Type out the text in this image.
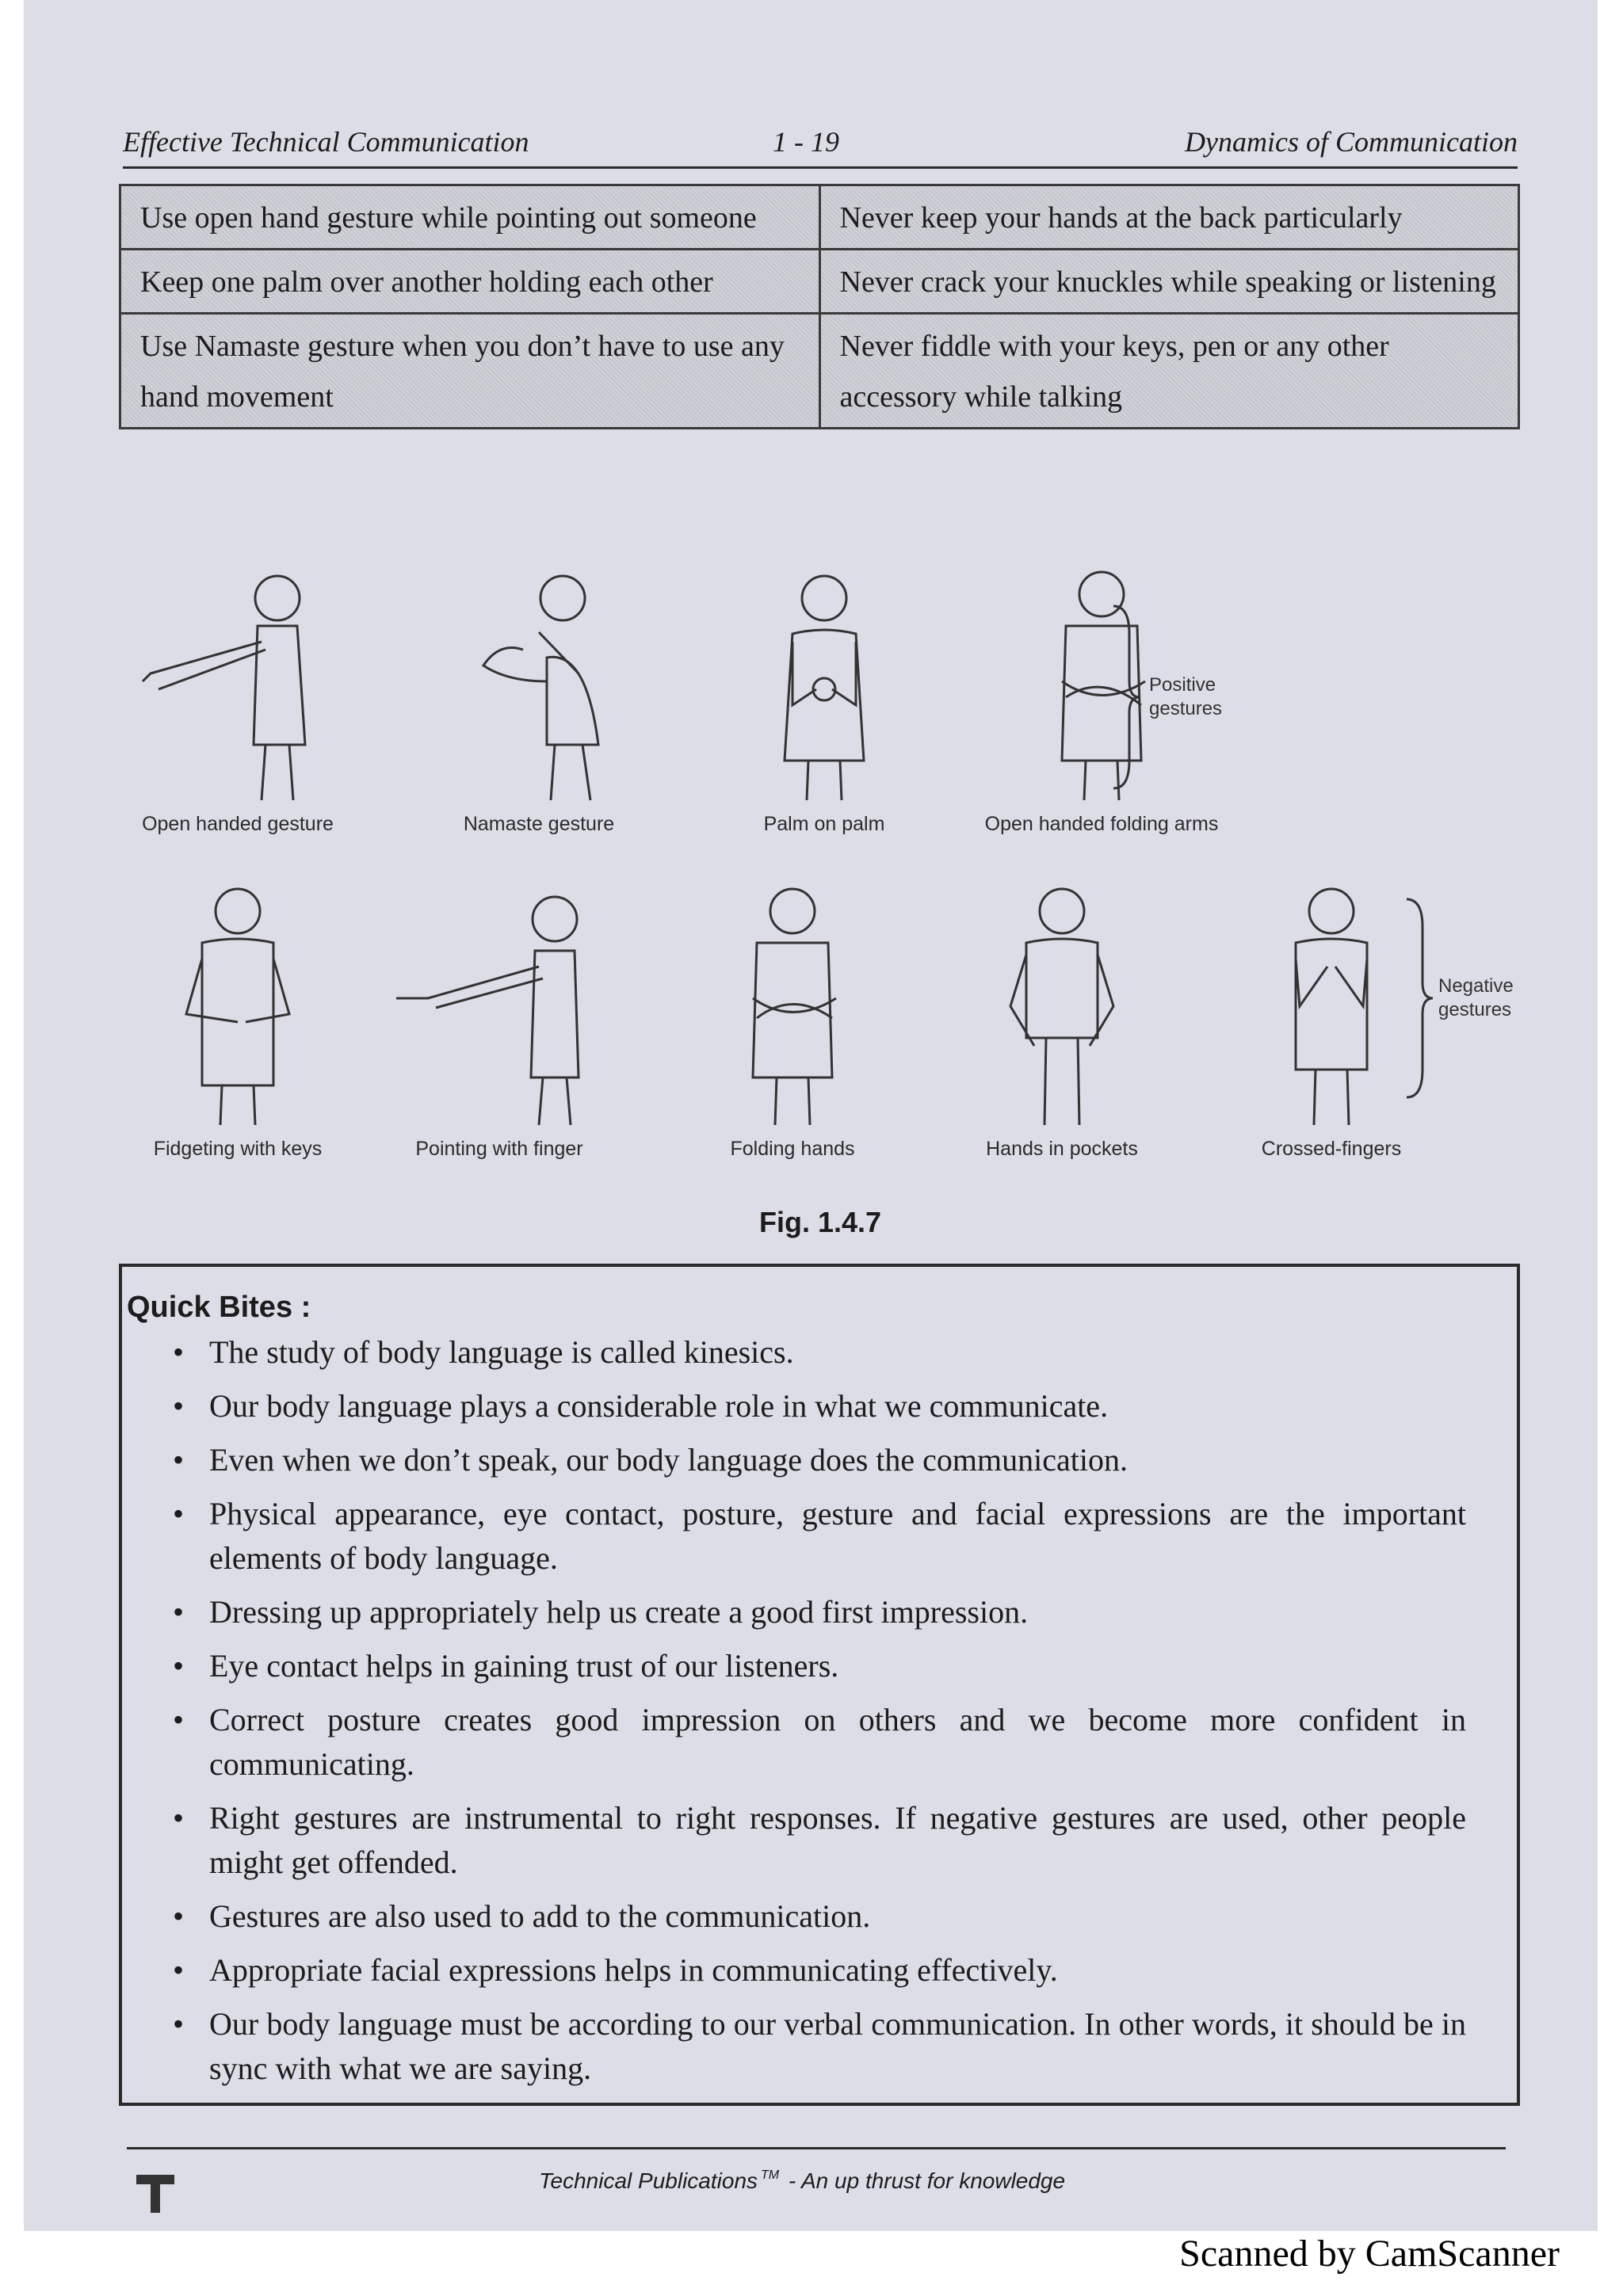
Effective Technical Communication	1 - 19	Dynamics of Communication
Use open hand gesture while pointing out someone	Never keep your hands at the back particularly
Keep one palm over another holding each other	Never crack your knuckles while speaking or listening
Use Namaste gesture when you don’t have to use any hand movement	Never fiddle with your keys, pen or any other accessory while talking
Open handed gesture	Namaste gesture	Palm on palm	Open handed folding arms
Positive gestures
Fidgeting with keys	Pointing with finger	Folding hands	Hands in pockets	Crossed-fingers
Negative gestures
Fig. 1.4.7
Quick Bites :
• The study of body language is called kinesics.
• Our body language plays a considerable role in what we communicate.
• Even when we don’t speak, our body language does the communication.
• Physical appearance, eye contact, posture, gesture and facial expressions are the important elements of body language.
• Dressing up appropriately help us create a good first impression.
• Eye contact helps in gaining trust of our listeners.
• Correct posture creates good impression on others and we become more confident in communicating.
• Right gestures are instrumental to right responses. If negative gestures are used, other people might get offended.
• Gestures are also used to add to the communication.
• Appropriate facial expressions helps in communicating effectively.
• Our body language must be according to our verbal communication. In other words, it should be in sync with what we are saying.
Technical Publications ™ - An up thrust for knowledge
Scanned by CamScanner
